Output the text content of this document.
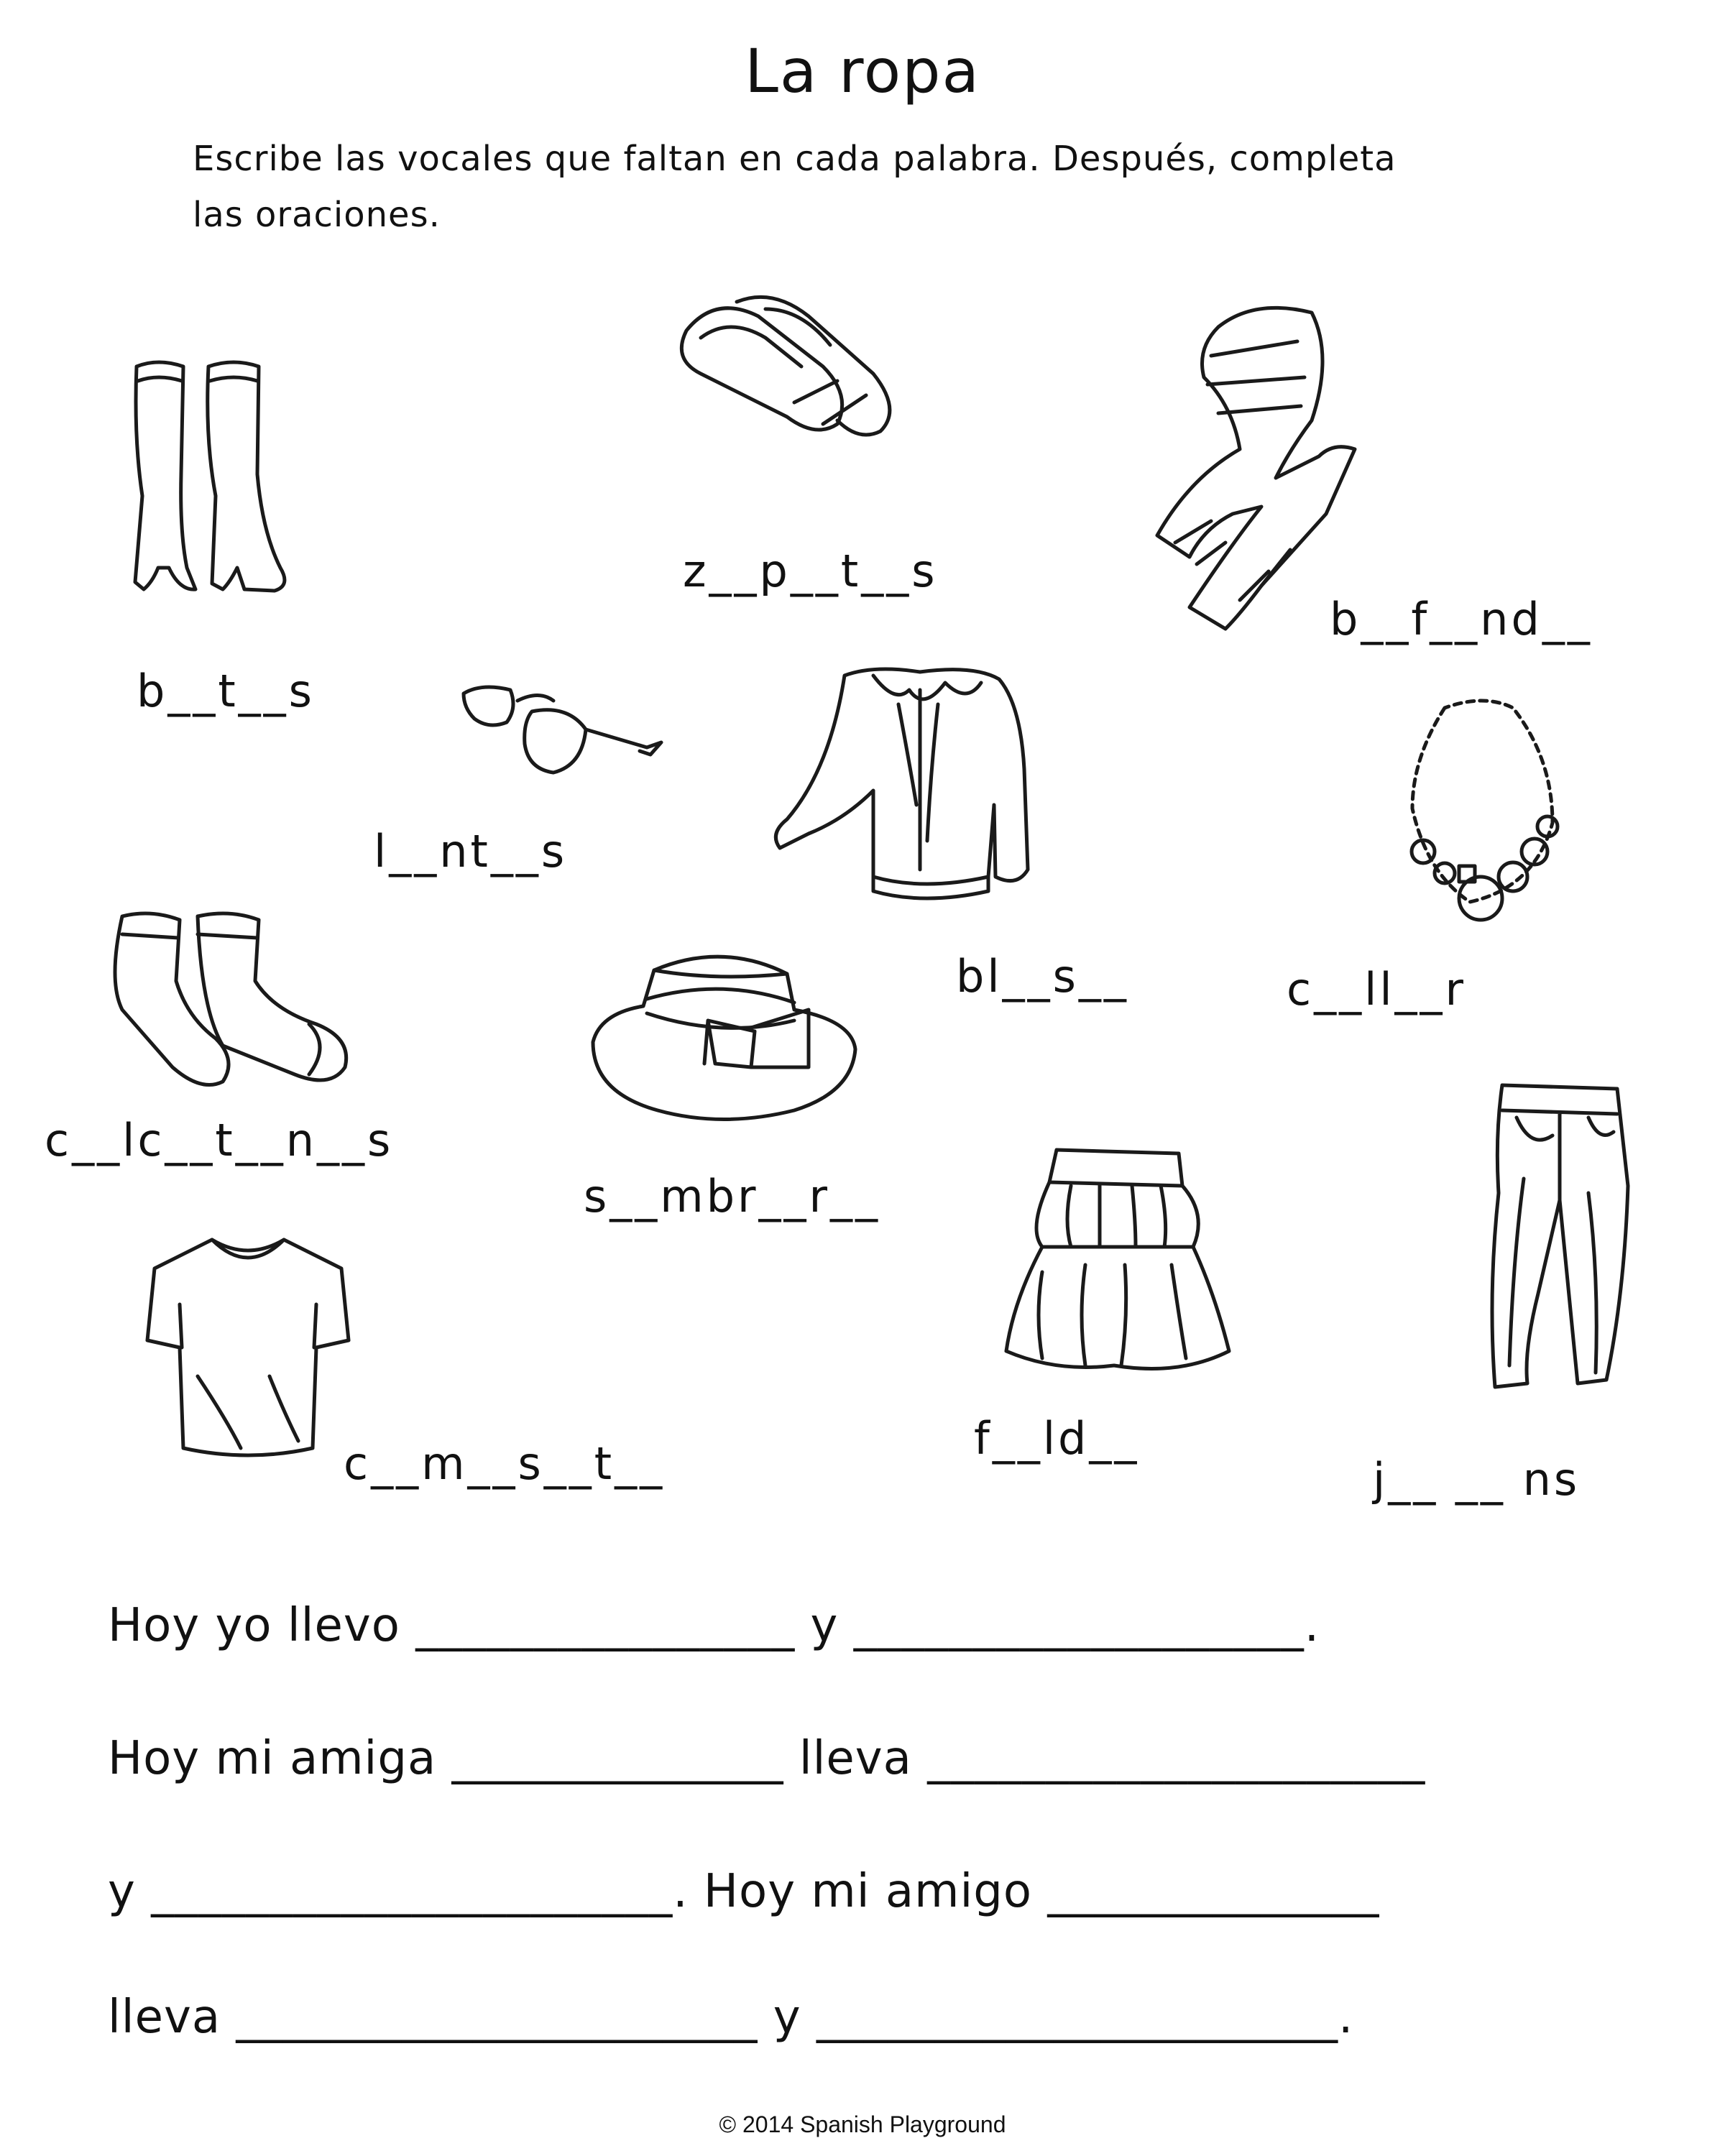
La ropa
Escribe las vocales que faltan en cada palabra. Después, completa
las oraciones.
b__t__s
z__p__t__s
b__f__nd__
l__nt__s
bl__s__	c__ll__r
c__lc__t__n__s
s__mbr__r__
c__m__s__t__	f__ld__
j__ __ ns
Hoy yo llevo ________________ y ___________________.
Hoy mi amiga ______________ lleva _____________________
y ______________________. Hoy mi amigo ______________
lleva ______________________ y ______________________.
© 2014 Spanish Playground
